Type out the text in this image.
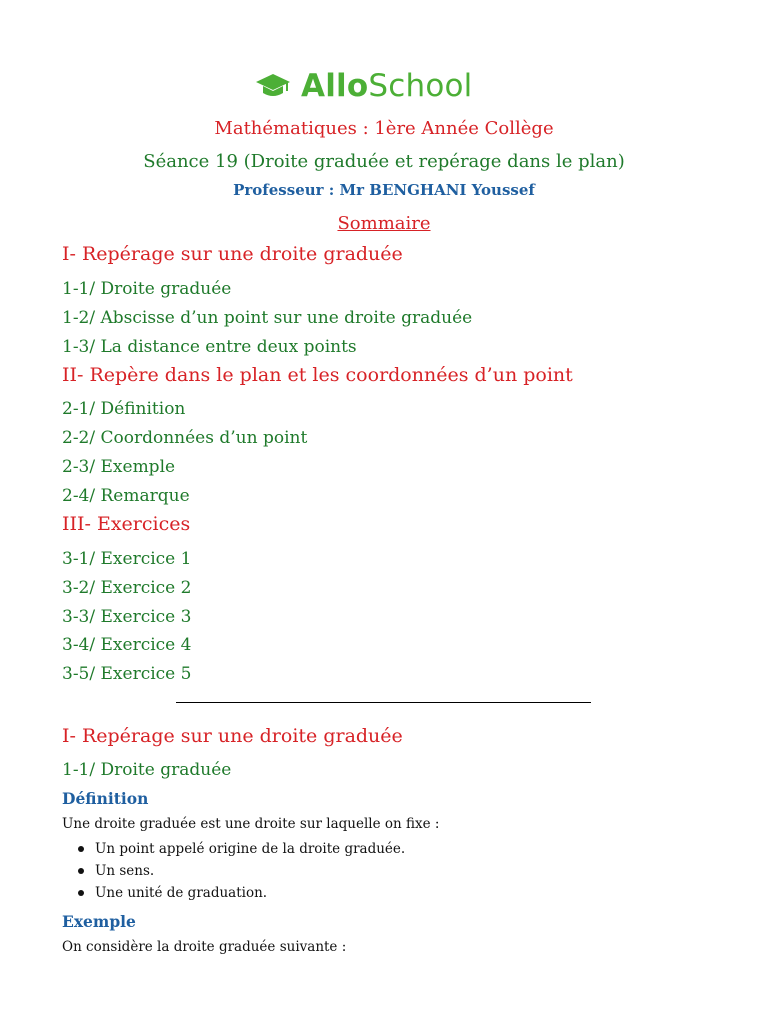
AlloSchool
Mathématiques : 1ère Année Collège
Séance 19 (Droite graduée et repérage dans le plan)
Professeur : Mr BENGHANI Youssef
Sommaire
I- Repérage sur une droite graduée
1-1/ Droite graduée
1-2/ Abscisse d’un point sur une droite graduée
1-3/ La distance entre deux points
II- Repère dans le plan et les coordonnées d’un point
2-1/ Définition
2-2/ Coordonnées d’un point
2-3/ Exemple
2-4/ Remarque
III- Exercices
3-1/ Exercice 1
3-2/ Exercice 2
3-3/ Exercice 3
3-4/ Exercice 4
3-5/ Exercice 5
I- Repérage sur une droite graduée
1-1/ Droite graduée
Définition
Une droite graduée est une droite sur laquelle on fixe :
Un point appelé origine de la droite graduée.
Un sens.
Une unité de graduation.
Exemple
On considère la droite graduée suivante :
